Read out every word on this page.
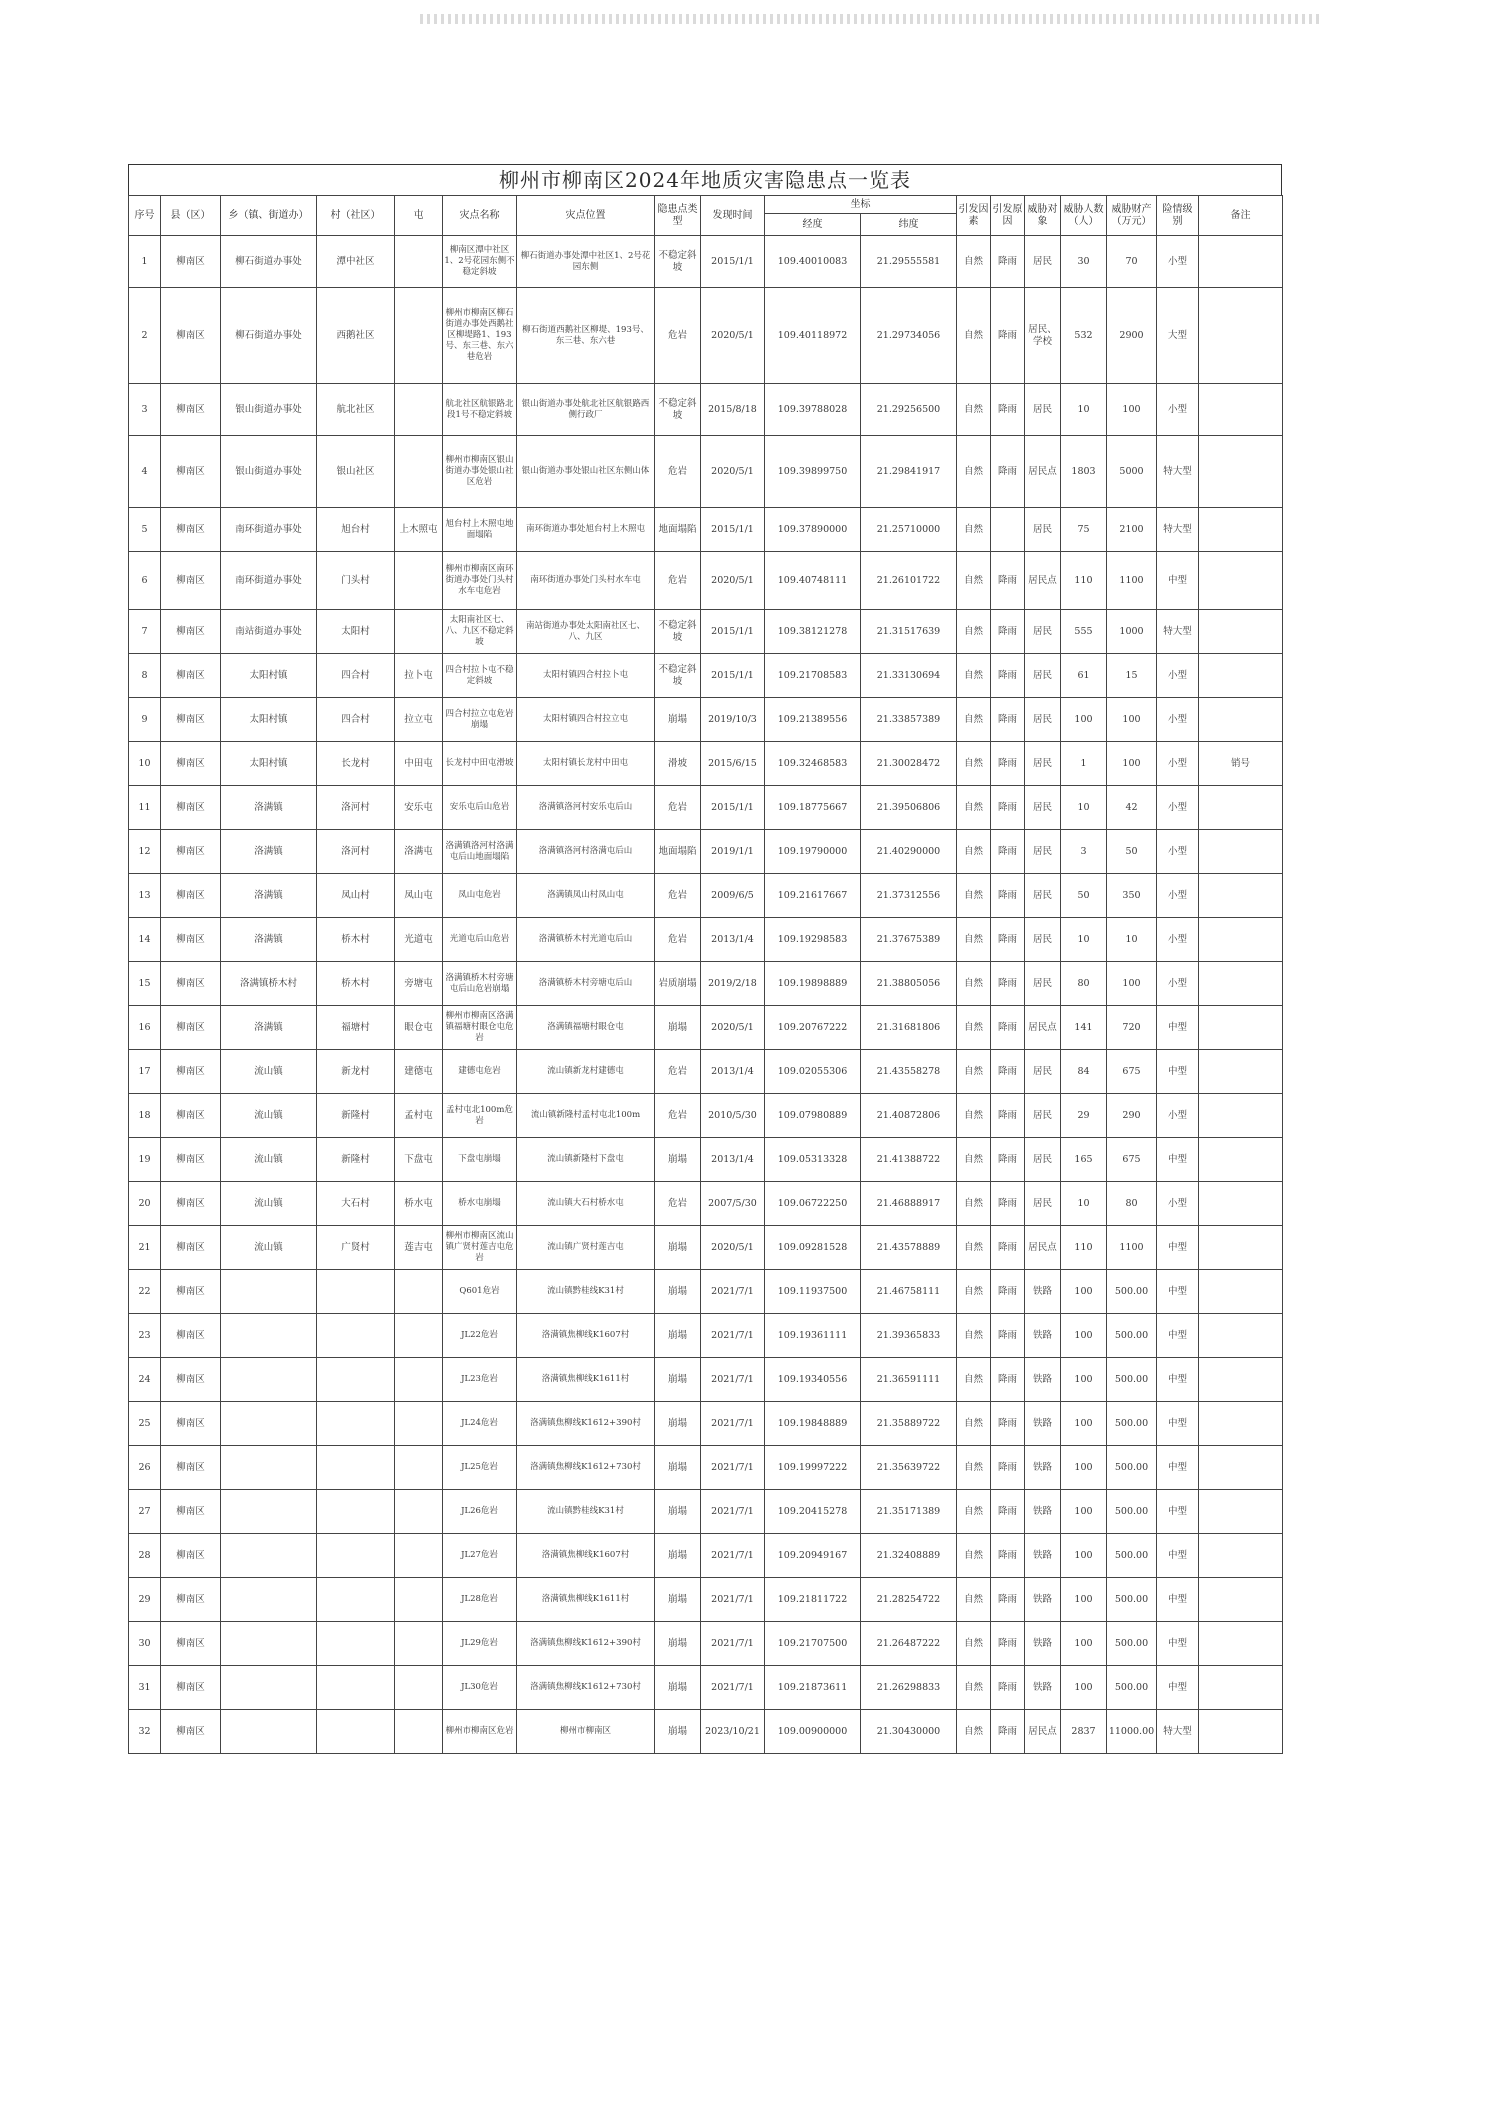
柳州市柳南区2024年地质灾害隐患点一览表
序号	县（区）	乡（镇、街道办）	村（社区）	屯	灾点名称	灾点位置	隐患点类型	发现时间	坐标		引发因素	引发原因	威胁对象	威胁人数（人）	威胁财产（万元）	险情级别	备注
									经度	纬度							
1	柳南区	柳石街道办事处	潭中社区		柳南区潭中社区1、2号花园东侧不稳定斜坡	柳石街道办事处潭中社区1、2号花园东侧	不稳定斜坡	2015/1/1	109.40010083	21.29555581	自然	降雨	居民	30	70	小型	
2	柳南区	柳石街道办事处	西鹅社区		柳州市柳南区柳石街道办事处西鹅社区柳堤路1、193号、东三巷、东六巷危岩	柳石街道西鹅社区柳堤、193号、东三巷、东六巷	危岩	2020/5/1	109.40118972	21.29734056	自然	降雨	居民、学校	532	2900	大型	
3	柳南区	银山街道办事处	航北社区		航北社区航银路北段1号不稳定斜坡	银山街道办事处航北社区航银路西侧行政厂	不稳定斜坡	2015/8/18	109.39788028	21.29256500	自然	降雨	居民	10	100	小型	
4	柳南区	银山街道办事处	银山社区		柳州市柳南区银山街道办事处银山社区危岩	银山街道办事处银山社区东侧山体	危岩	2020/5/1	109.39899750	21.29841917	自然	降雨	居民点	1803	5000	特大型	
5	柳南区	南环街道办事处	旭台村	上木照屯	旭台村上木照屯地面塌陷	南环街道办事处旭台村上木照屯	地面塌陷	2015/1/1	109.37890000	21.25710000	自然		居民	75	2100	特大型	
6	柳南区	南环街道办事处	门头村		柳州市柳南区南环街道办事处门头村水车屯危岩	南环街道办事处门头村水车屯	危岩	2020/5/1	109.40748111	21.26101722	自然	降雨	居民点	110	1100	中型	
7	柳南区	南站街道办事处	太阳村		太阳南社区七、八、九区不稳定斜坡	南站街道办事处太阳南社区七、八、九区	不稳定斜坡	2015/1/1	109.38121278	21.31517639	自然	降雨	居民	555	1000	特大型	
8	柳南区	太阳村镇	四合村	拉卜屯	四合村拉卜屯不稳定斜坡	太阳村镇四合村拉卜屯	不稳定斜坡	2015/1/1	109.21708583	21.33130694	自然	降雨	居民	61	15	小型	
9	柳南区	太阳村镇	四合村	拉立屯	四合村拉立屯危岩崩塌	太阳村镇四合村拉立屯	崩塌	2019/10/3	109.21389556	21.33857389	自然	降雨	居民	100	100	小型	
10	柳南区	太阳村镇	长龙村	中田屯	长龙村中田屯滑坡	太阳村镇长龙村中田屯	滑坡	2015/6/15	109.32468583	21.30028472	自然	降雨	居民	1	100	小型	销号
11	柳南区	洛满镇	洛河村	安乐屯	安乐屯后山危岩	洛满镇洛河村安乐屯后山	危岩	2015/1/1	109.18775667	21.39506806	自然	降雨	居民	10	42	小型	
12	柳南区	洛满镇	洛河村	洛满屯	洛满镇洛河村洛满屯后山地面塌陷	洛满镇洛河村洛满屯后山	地面塌陷	2019/1/1	109.19790000	21.40290000	自然	降雨	居民	3	50	小型	
13	柳南区	洛满镇	凤山村	凤山屯	凤山屯危岩	洛满镇凤山村凤山屯	危岩	2009/6/5	109.21617667	21.37312556	自然	降雨	居民	50	350	小型	
14	柳南区	洛满镇	桥木村	光道屯	光道屯后山危岩	洛满镇桥木村光道屯后山	危岩	2013/1/4	109.19298583	21.37675389	自然	降雨	居民	10	10	小型	
15	柳南区	洛满镇桥木村	桥木村	旁塘屯	洛满镇桥木村旁塘屯后山危岩崩塌	洛满镇桥木村旁塘屯后山	岩质崩塌	2019/2/18	109.19898889	21.38805056	自然	降雨	居民	80	100	小型	
16	柳南区	洛满镇	福塘村	眼仓屯	柳州市柳南区洛满镇福塘村眼仓屯危岩	洛满镇福塘村眼仓屯	崩塌	2020/5/1	109.20767222	21.31681806	自然	降雨	居民点	141	720	中型	
17	柳南区	流山镇	新龙村	建德屯	建德屯危岩	流山镇新龙村建德屯	危岩	2013/1/4	109.02055306	21.43558278	自然	降雨	居民	84	675	中型	
18	柳南区	流山镇	新隆村	孟村屯	孟村屯北100m危岩	流山镇新隆村孟村屯北100m	危岩	2010/5/30	109.07980889	21.40872806	自然	降雨	居民	29	290	小型	
19	柳南区	流山镇	新隆村	下盘屯	下盘屯崩塌	流山镇新隆村下盘屯	崩塌	2013/1/4	109.05313328	21.41388722	自然	降雨	居民	165	675	中型	
20	柳南区	流山镇	大石村	桥水屯	桥水屯崩塌	流山镇大石村桥水屯	危岩	2007/5/30	109.06722250	21.46888917	自然	降雨	居民	10	80	小型	
21	柳南区	流山镇	广贤村	莲吉屯	柳州市柳南区流山镇广贤村莲吉屯危岩	流山镇广贤村莲吉屯	崩塌	2020/5/1	109.09281528	21.43578889	自然	降雨	居民点	110	1100	中型	
22	柳南区				Q601危岩	流山镇黔桂线K31村	崩塌	2021/7/1	109.11937500	21.46758111	自然	降雨	铁路	100	500.00	中型	
23	柳南区				JL22危岩	洛满镇焦柳线K1607村	崩塌	2021/7/1	109.19361111	21.39365833	自然	降雨	铁路	100	500.00	中型	
24	柳南区				JL23危岩	洛满镇焦柳线K1611村	崩塌	2021/7/1	109.19340556	21.36591111	自然	降雨	铁路	100	500.00	中型	
25	柳南区				JL24危岩	洛满镇焦柳线K1612+390村	崩塌	2021/7/1	109.19848889	21.35889722	自然	降雨	铁路	100	500.00	中型	
26	柳南区				JL25危岩	洛满镇焦柳线K1612+730村	崩塌	2021/7/1	109.19997222	21.35639722	自然	降雨	铁路	100	500.00	中型	
27	柳南区				JL26危岩	流山镇黔桂线K31村	崩塌	2021/7/1	109.20415278	21.35171389	自然	降雨	铁路	100	500.00	中型	
28	柳南区				JL27危岩	洛满镇焦柳线K1607村	崩塌	2021/7/1	109.20949167	21.32408889	自然	降雨	铁路	100	500.00	中型	
29	柳南区				JL28危岩	洛满镇焦柳线K1611村	崩塌	2021/7/1	109.21811722	21.28254722	自然	降雨	铁路	100	500.00	中型	
30	柳南区				JL29危岩	洛满镇焦柳线K1612+390村	崩塌	2021/7/1	109.21707500	21.26487222	自然	降雨	铁路	100	500.00	中型	
31	柳南区				JL30危岩	洛满镇焦柳线K1612+730村	崩塌	2021/7/1	109.21873611	21.26298833	自然	降雨	铁路	100	500.00	中型	
32	柳南区				柳州市柳南区危岩	柳州市柳南区	崩塌	2023/10/21	109.00900000	21.30430000	自然	降雨	居民点	2837	11000.00	特大型	
